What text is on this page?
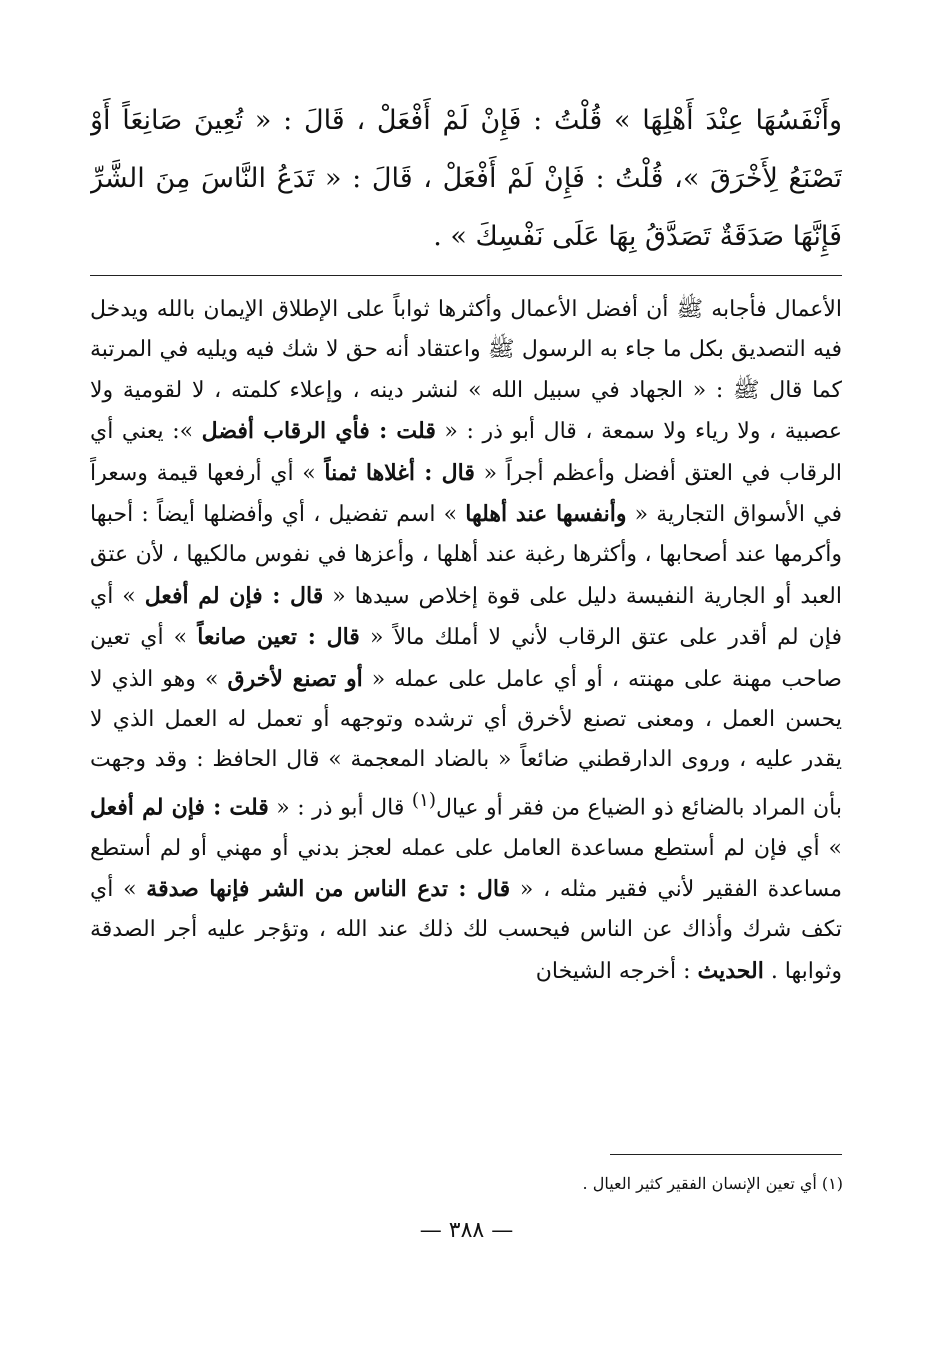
وأَنْفَسُهَا عِنْدَ أَهْلِهَا » قُلْتُ : فَإِنْ لَمْ أَفْعَلْ ، قَالَ : « تُعِينَ صَانِعَاً أَوْ تَصْنَعُ لِأَخْرَقَ »، قُلْتُ : فَإِنْ لَمْ أَفْعَلْ ، قَالَ : « تَدَعُ النَّاسَ مِنَ الشَّرِّ فَإِنَّهَا صَدَقَةٌ تَصَدَّقُ بِهَا عَلَى نَفْسِكَ » .

الأعمال فأجابه ﷺ أن أفضل الأعمال وأكثرها ثواباً على الإطلاق الإيمان بالله ويدخل فيه التصديق بكل ما جاء به الرسول ﷺ واعتقاد أنه حق لا شك فيه ويليه في المرتبة كما قال ﷺ : « الجهاد في سبيل الله » لنشر دينه ، وإعلاء كلمته ، لا لقومية ولا عصبية ، ولا رياء ولا سمعة ، قال أبو ذر : « قلت : فأي الرقاب أفضل »: يعني أي الرقاب في العتق أفضل وأعظم أجراً « قال : أغلاها ثمناً » أي أرفعها قيمة وسعراً في الأسواق التجارية « وأنفسها عند أهلها » اسم تفضيل ، أي وأفضلها أيضاً : أحبها وأكرمها عند أصحابها ، وأكثرها رغبة عند أهلها ، وأعزها في نفوس مالكيها ، لأن عتق العبد أو الجارية النفيسة دليل على قوة إخلاص سيدها « قال : فإن لم أفعل » أي فإن لم أقدر على عتق الرقاب لأني لا أملك مالاً « قال : تعين صانعاً » أي تعين صاحب مهنة على مهنته ، أو أي عامل على عمله « أو تصنع لأخرق » وهو الذي لا يحسن العمل ، ومعنى تصنع لأخرق أي ترشده وتوجهه أو تعمل له العمل الذي لا يقدر عليه ، وروى الدارقطني ضائعاً « بالضاد المعجمة » قال الحافظ : وقد وجهت بأن المراد بالضائع ذو الضياع من فقر أو عيال$^{(١)}$ قال أبو ذر : « قلت : فإن لم أفعل » أي فإن لم أستطع مساعدة العامل على عمله لعجز بدني أو مهني أو لم أستطع مساعدة الفقير لأني فقير مثله ، « قال : تدع الناس من الشر فإنها صدقة » أي تكف شرك وأذاك عن الناس فيحسب لك ذلك عند الله ، وتؤجر عليه أجر الصدقة وثوابها . الحديث : أخرجه الشيخان

(١) أي تعين الإنسان الفقير كثير العيال .

— ٣٨٨ —
